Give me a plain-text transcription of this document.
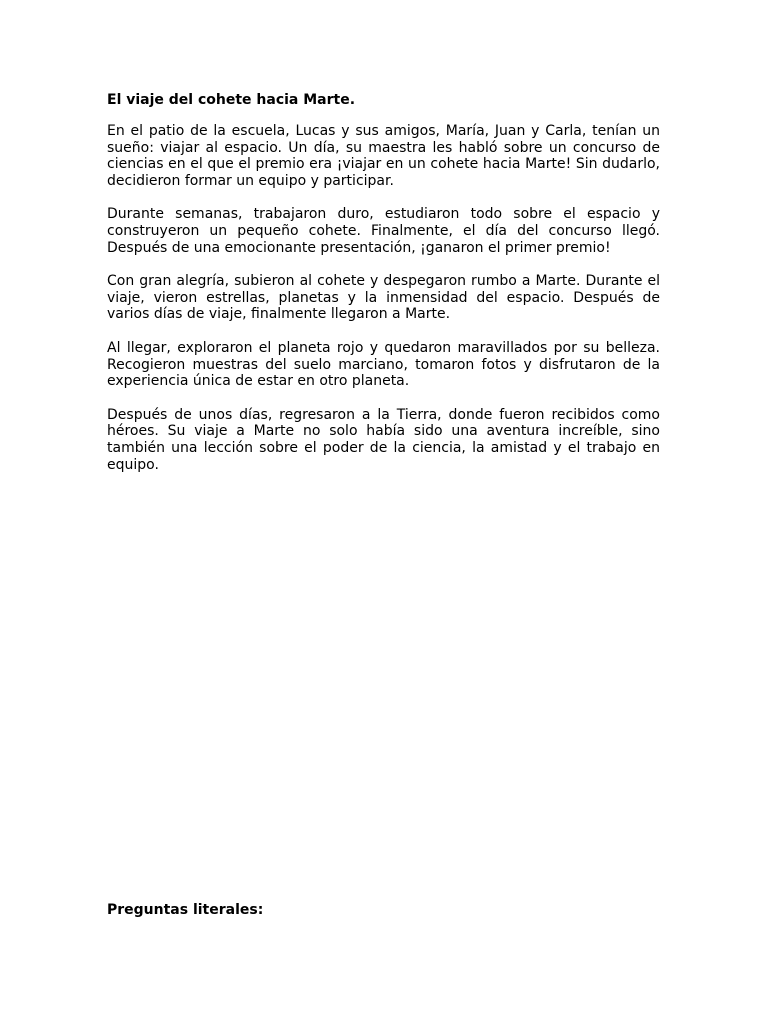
El viaje del cohete hacia Marte.

En el patio de la escuela, Lucas y sus amigos, María, Juan y Carla, tenían un sueño: viajar al espacio. Un día, su maestra les habló sobre un concurso de ciencias en el que el premio era ¡viajar en un cohete hacia Marte! Sin dudarlo, decidieron formar un equipo y participar.

Durante semanas, trabajaron duro, estudiaron todo sobre el espacio y construyeron un pequeño cohete. Finalmente, el día del concurso llegó. Después de una emocionante presentación, ¡ganaron el primer premio!

Con gran alegría, subieron al cohete y despegaron rumbo a Marte. Durante el viaje, vieron estrellas, planetas y la inmensidad del espacio. Después de varios días de viaje, finalmente llegaron a Marte.

Al llegar, exploraron el planeta rojo y quedaron maravillados por su belleza. Recogieron muestras del suelo marciano, tomaron fotos y disfrutaron de la experiencia única de estar en otro planeta.

Después de unos días, regresaron a la Tierra, donde fueron recibidos como héroes. Su viaje a Marte no solo había sido una aventura increíble, sino también una lección sobre el poder de la ciencia, la amistad y el trabajo en equipo.

Preguntas literales:
